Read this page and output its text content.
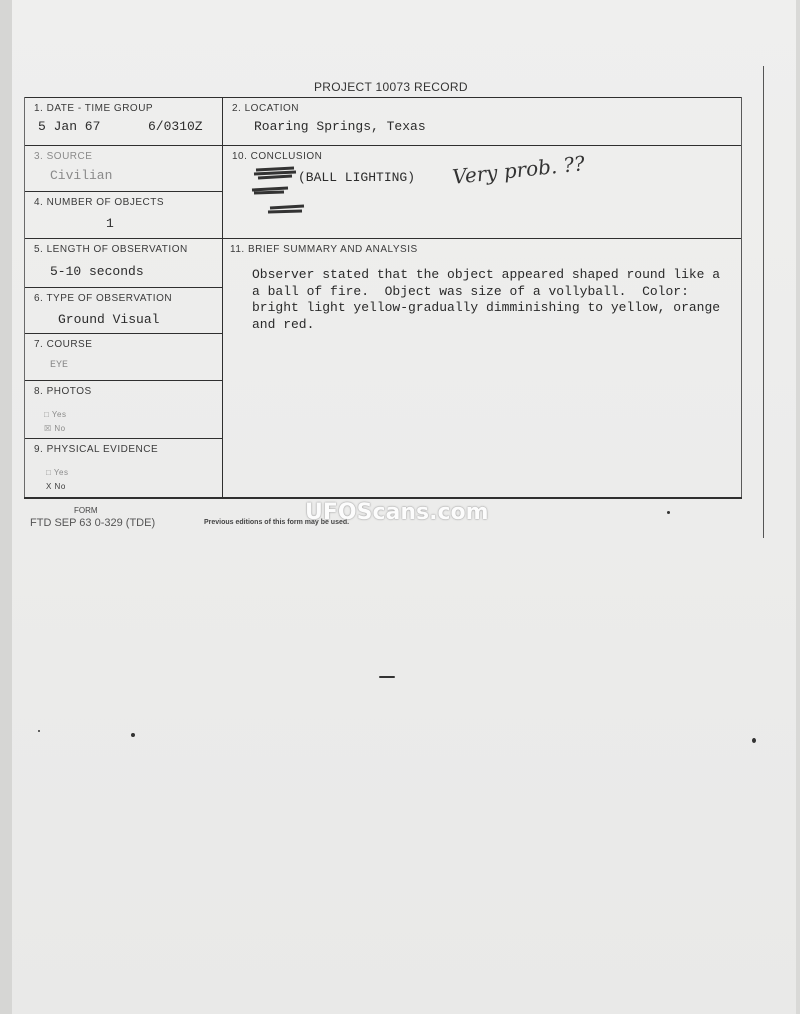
PROJECT 10073 RECORD
1. DATE - TIME GROUP
5 Jan 67	6/0310Z
2. LOCATION
Roaring Springs, Texas
3. SOURCE
Civilian
4. NUMBER OF OBJECTS
1
5. LENGTH OF OBSERVATION
5-10 seconds
6. TYPE OF OBSERVATION
Ground Visual
7. COURSE
EYE
8. PHOTOS
□ Yes
☒ No
9. PHYSICAL EVIDENCE
□ Yes
X No
10. CONCLUSION
(BALL LIGHTING) Very prob. ??
11. BRIEF SUMMARY AND ANALYSIS
Observer stated that the object appeared shaped round like a
a ball of fire.  Object was size of a vollyball.  Color:
bright light yellow-gradually dimminishing to yellow, orange
and red.
FORM
FTD SEP 63 0-329 (TDE)	Previous editions of this form may be used.
UFOScans.com
